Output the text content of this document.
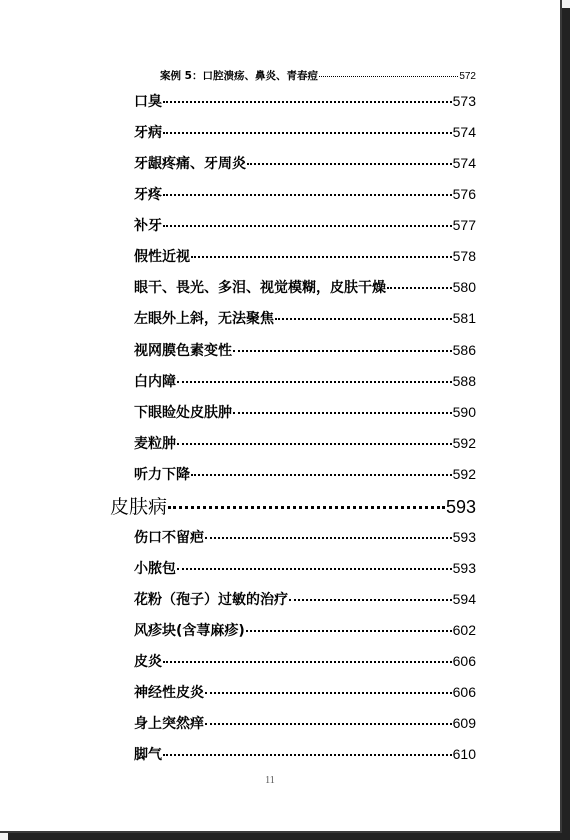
案例 5：口腔溃疡、鼻炎、青春痘	572
口臭	573
牙病	574
牙龈疼痛、牙周炎	574
牙疼	576
补牙	577
假性近视	578
眼干、畏光、多泪、视觉模糊，皮肤干燥	580
左眼外上斜，无法聚焦	581
视网膜色素变性	586
白内障	588
下眼睑处皮肤肿	590
麦粒肿	592
听力下降	592
皮肤病	593
伤口不留疤	593
小脓包	593
花粉（孢子）过敏的治疗	594
风疹块(含荨麻疹)	602
皮炎	606
神经性皮炎	606
身上突然痒	609
脚气	610
11
